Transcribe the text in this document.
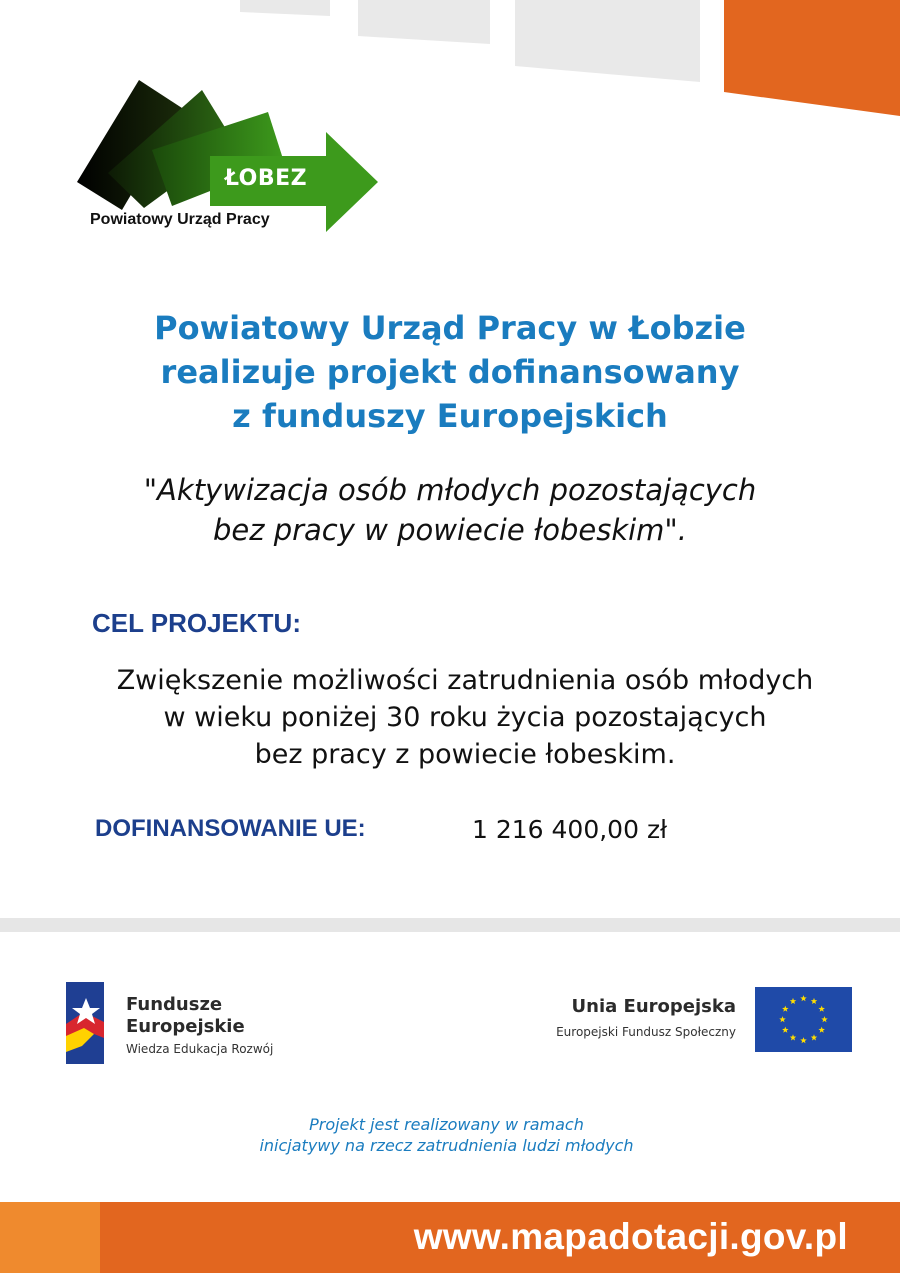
ŁOBEZ
Powiatowy Urząd Pracy
Powiatowy Urząd Pracy w Łobzie
realizuje projekt dofinansowany
z funduszy Europejskich
"Aktywizacja osób młodych pozostających
bez pracy w powiecie łobeskim".
CEL PROJEKTU:
Zwiększenie możliwości zatrudnienia osób młodych
w wieku poniżej 30 roku życia pozostających
bez pracy z powiecie łobeskim.
DOFINANSOWANIE UE:	1 216 400,00 zł
Fundusze
Europejskie
Wiedza Edukacja Rozwój
Unia Europejska
Europejski Fundusz Społeczny
Projekt jest realizowany w ramach
inicjatywy na rzecz zatrudnienia ludzi młodych
www.mapadotacji.gov.pl
